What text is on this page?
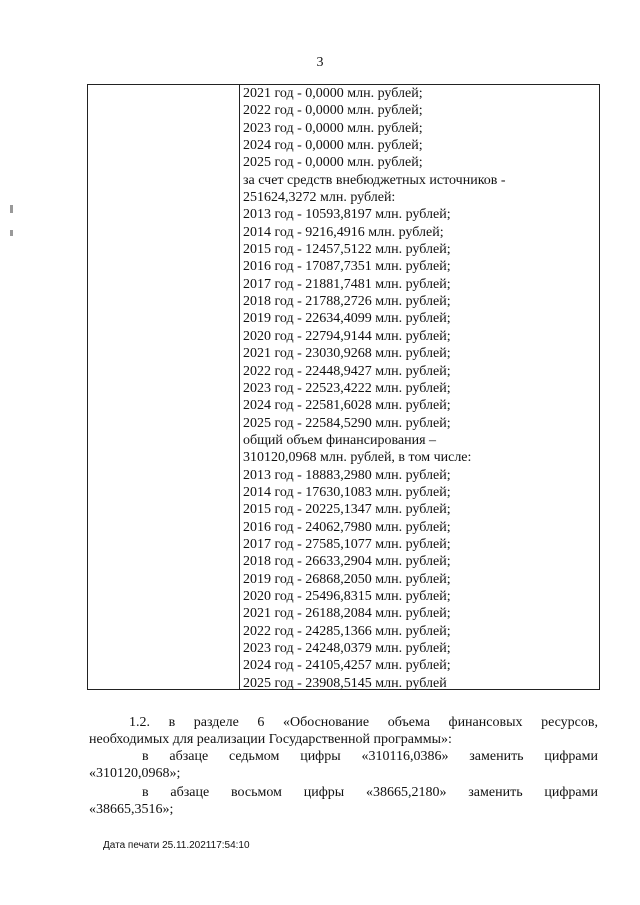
3
2021 год - 0,0000 млн. рублей;
2022 год - 0,0000 млн. рублей;
2023 год - 0,0000 млн. рублей;
2024 год - 0,0000 млн. рублей;
2025 год - 0,0000 млн. рублей;
за счет средств внебюджетных источников -
251624,3272 млн. рублей:
2013 год - 10593,8197 млн. рублей;
2014 год - 9216,4916 млн. рублей;
2015 год - 12457,5122 млн. рублей;
2016 год - 17087,7351 млн. рублей;
2017 год - 21881,7481 млн. рублей;
2018 год - 21788,2726 млн. рублей;
2019 год - 22634,4099 млн. рублей;
2020 год - 22794,9144 млн. рублей;
2021 год - 23030,9268 млн. рублей;
2022 год - 22448,9427 млн. рублей;
2023 год - 22523,4222 млн. рублей;
2024 год - 22581,6028 млн. рублей;
2025 год - 22584,5290 млн. рублей;
общий объем финансирования –
310120,0968 млн. рублей, в том числе:
2013 год - 18883,2980 млн. рублей;
2014 год - 17630,1083 млн. рублей;
2015 год - 20225,1347 млн. рублей;
2016 год - 24062,7980 млн. рублей;
2017 год - 27585,1077 млн. рублей;
2018 год - 26633,2904 млн. рублей;
2019 год - 26868,2050 млн. рублей;
2020 год - 25496,8315 млн. рублей;
2021 год - 26188,2084 млн. рублей;
2022 год - 24285,1366 млн. рублей;
2023 год - 24248,0379 млн. рублей;
2024 год - 24105,4257 млн. рублей;
2025 год - 23908,5145 млн. рублей
1.2. в разделе 6 «Обоснование объема финансовых ресурсов,
необходимых для реализации Государственной программы»:
в абзаце седьмом цифры «310116,0386» заменить цифрами
«310120,0968»;
в абзаце восьмом цифры «38665,2180» заменить цифрами
«38665,3516»;
Дата печати 25.11.202117:54:10
